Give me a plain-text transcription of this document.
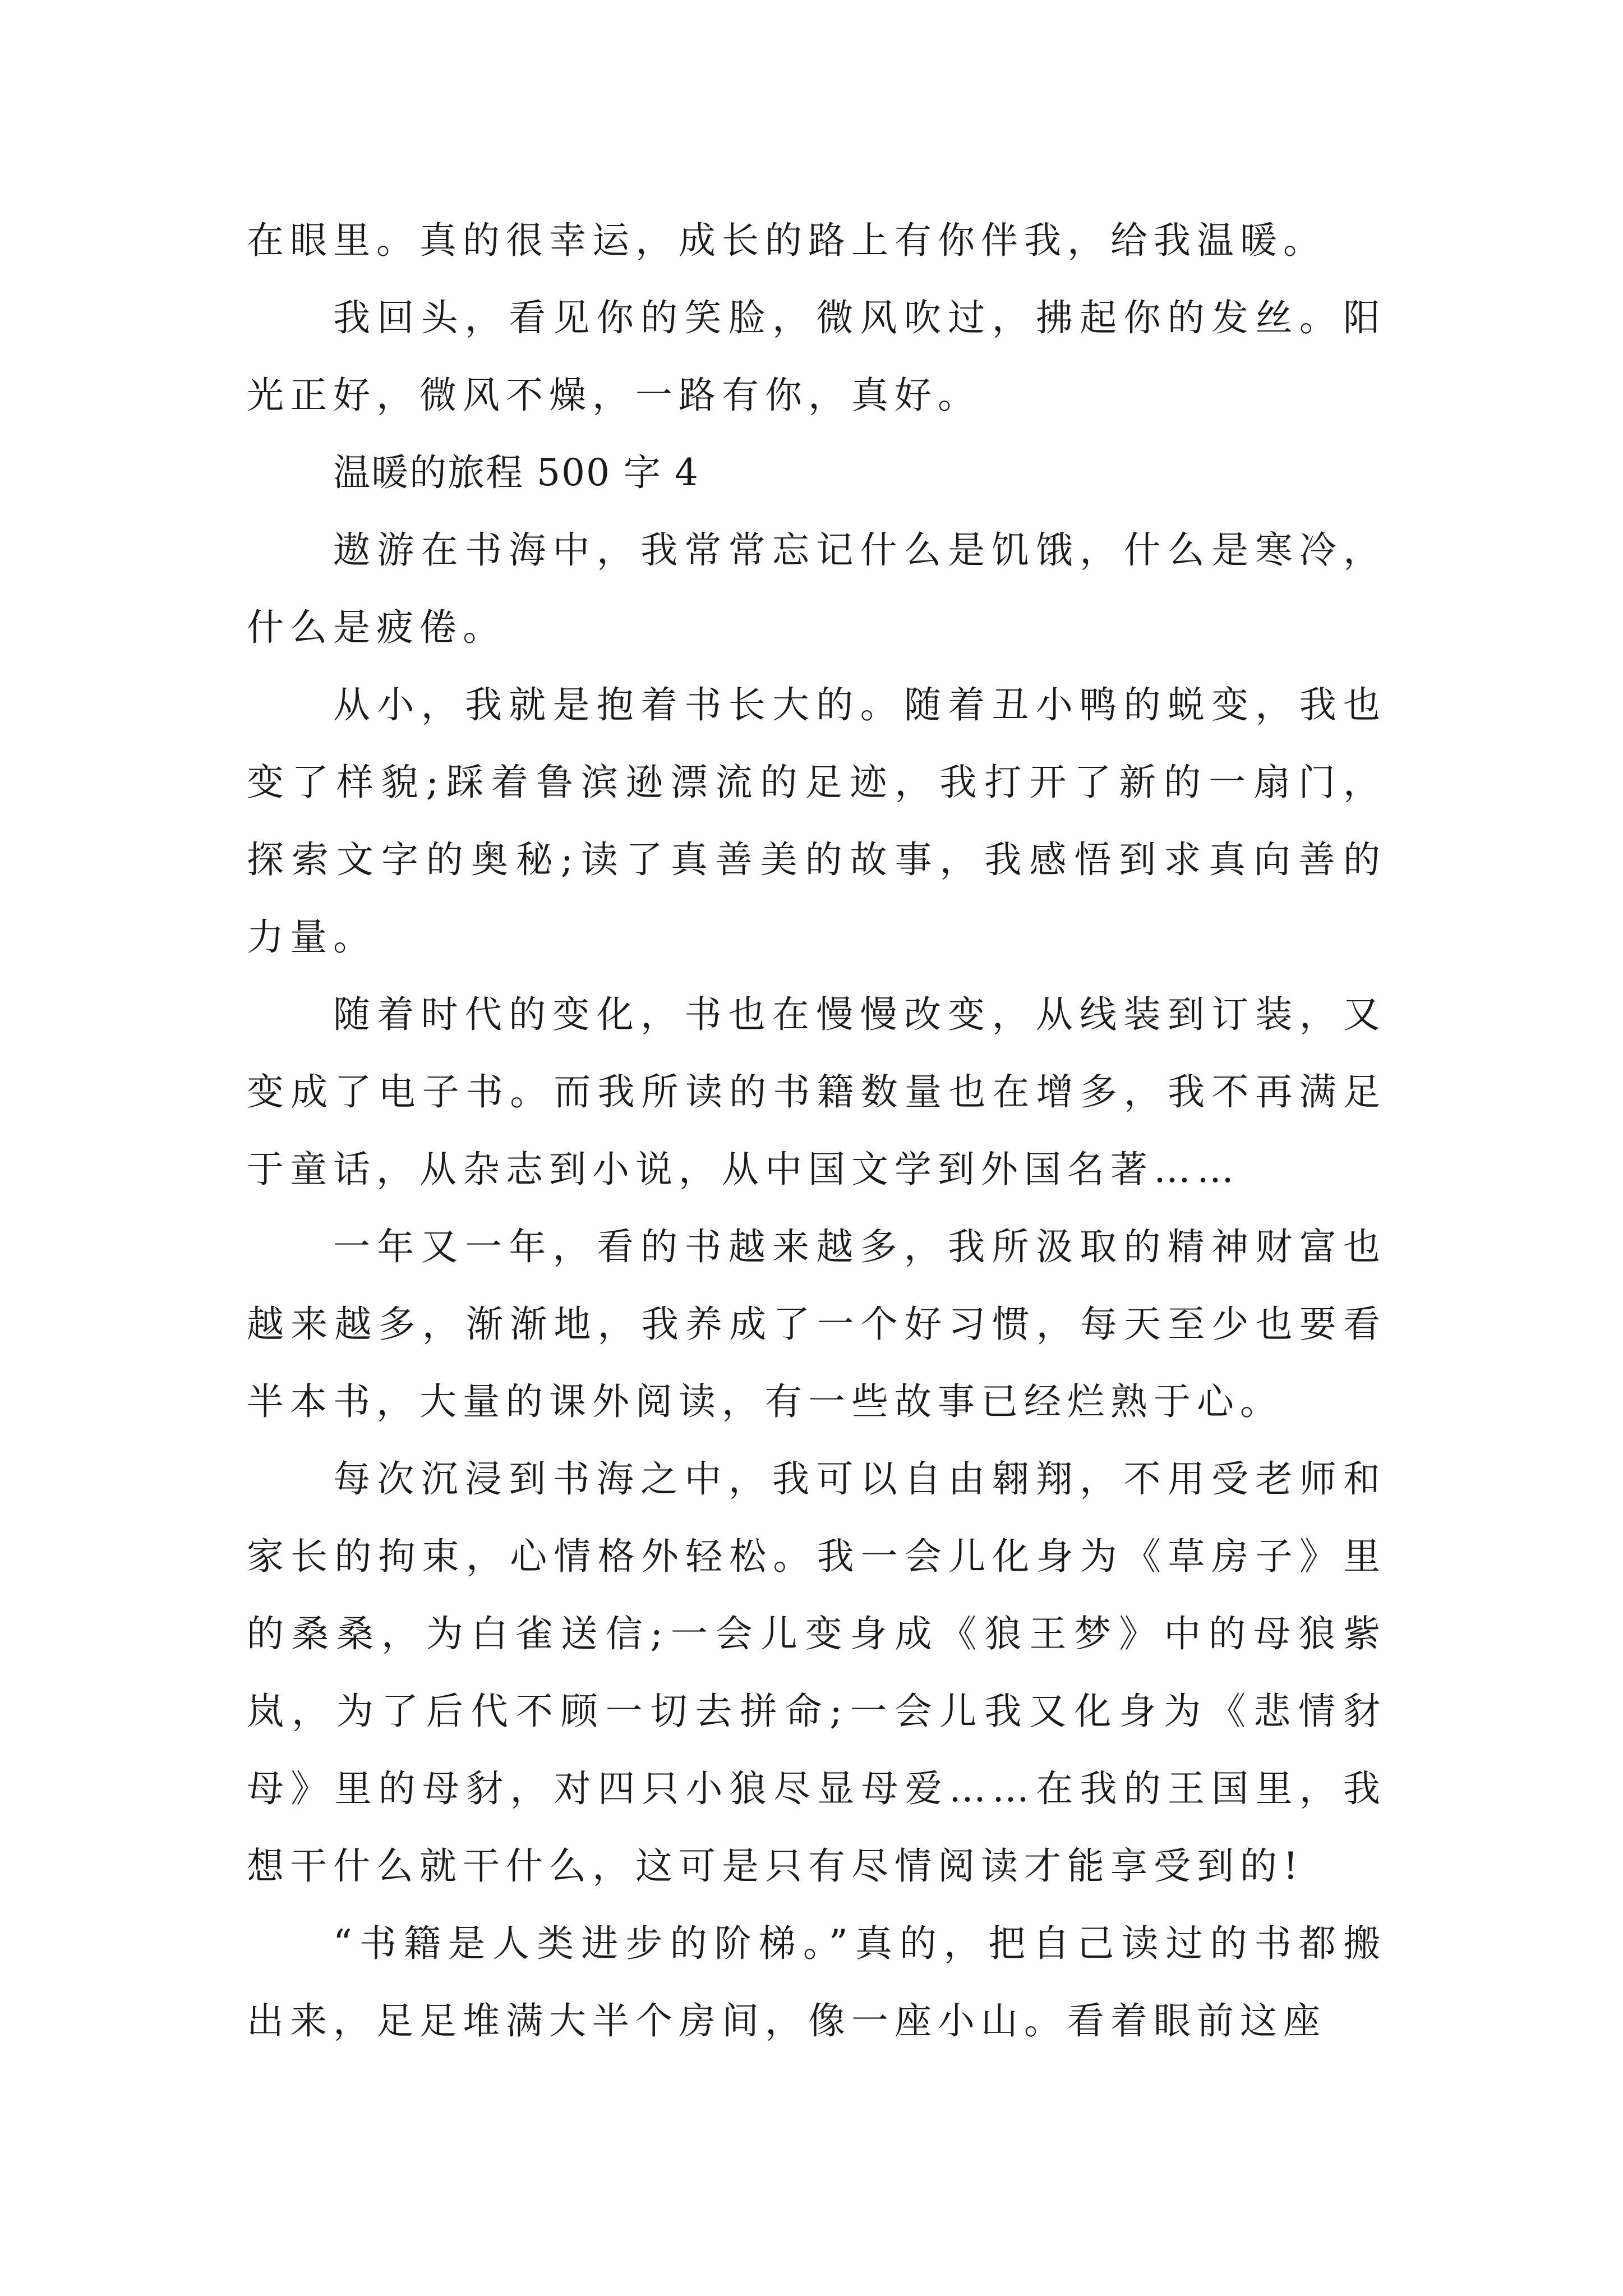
在眼里。真的很幸运，成长的路上有你伴我，给我温暖。

我回头，看见你的笑脸，微风吹过，拂起你的发丝。阳光正好，微风不燥，一路有你，真好。

温暖的旅程 500 字 4

遨游在书海中，我常常忘记什么是饥饿，什么是寒冷，什么是疲倦。

从小，我就是抱着书长大的。随着丑小鸭的蜕变，我也变了样貌;踩着鲁滨逊漂流的足迹，我打开了新的一扇门，探索文字的奥秘;读了真善美的故事，我感悟到求真向善的力量。

随着时代的变化，书也在慢慢改变，从线装到订装，又变成了电子书。而我所读的书籍数量也在增多，我不再满足于童话，从杂志到小说，从中国文学到外国名著……

一年又一年，看的书越来越多，我所汲取的精神财富也越来越多，渐渐地，我养成了一个好习惯，每天至少也要看半本书，大量的课外阅读，有一些故事已经烂熟于心。

每次沉浸到书海之中，我可以自由翱翔，不用受老师和家长的拘束，心情格外轻松。我一会儿化身为《草房子》里的桑桑，为白雀送信;一会儿变身成《狼王梦》中的母狼紫岚，为了后代不顾一切去拼命;一会儿我又化身为《悲情豺母》里的母豺，对四只小狼尽显母爱……在我的王国里，我想干什么就干什么，这可是只有尽情阅读才能享受到的!

“书籍是人类进步的阶梯。”真的，把自己读过的书都搬出来，足足堆满大半个房间，像一座小山。看着眼前这座
